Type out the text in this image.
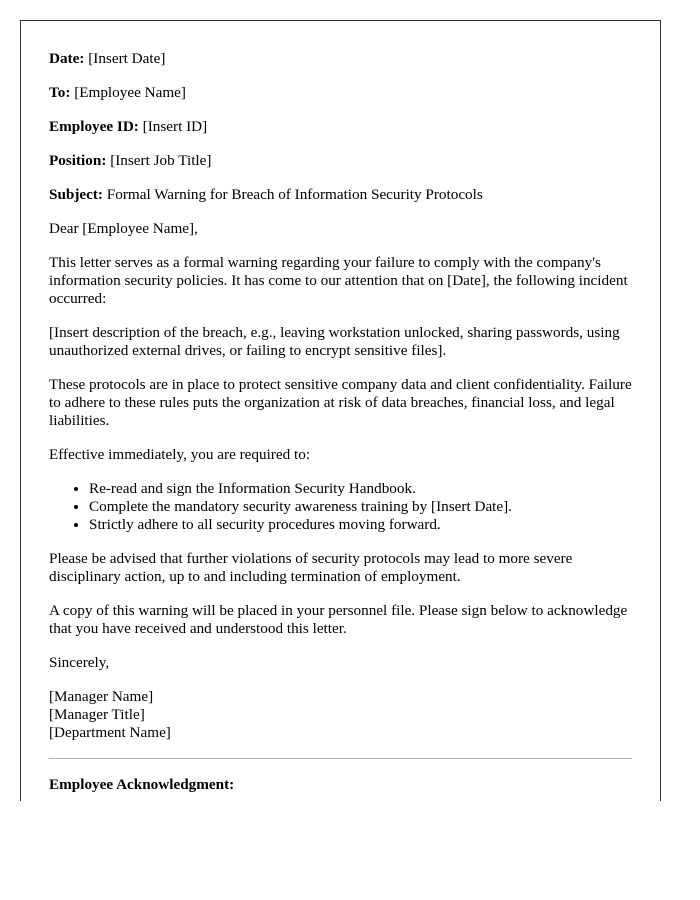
Date: [Insert Date]

To: [Employee Name]

Employee ID: [Insert ID]

Position: [Insert Job Title]

Subject: Formal Warning for Breach of Information Security Protocols

Dear [Employee Name],

This letter serves as a formal warning regarding your failure to comply with the company's information security policies. It has come to our attention that on [Date], the following incident occurred:

[Insert description of the breach, e.g., leaving workstation unlocked, sharing passwords, using unauthorized external drives, or failing to encrypt sensitive files].

These protocols are in place to protect sensitive company data and client confidentiality. Failure to adhere to these rules puts the organization at risk of data breaches, financial loss, and legal liabilities.

Effective immediately, you are required to:

• Re-read and sign the Information Security Handbook.
• Complete the mandatory security awareness training by [Insert Date].
• Strictly adhere to all security procedures moving forward.

Please be advised that further violations of security protocols may lead to more severe disciplinary action, up to and including termination of employment.

A copy of this warning will be placed in your personnel file. Please sign below to acknowledge that you have received and understood this letter.

Sincerely,

[Manager Name]
[Manager Title]
[Department Name]

Employee Acknowledgment:
